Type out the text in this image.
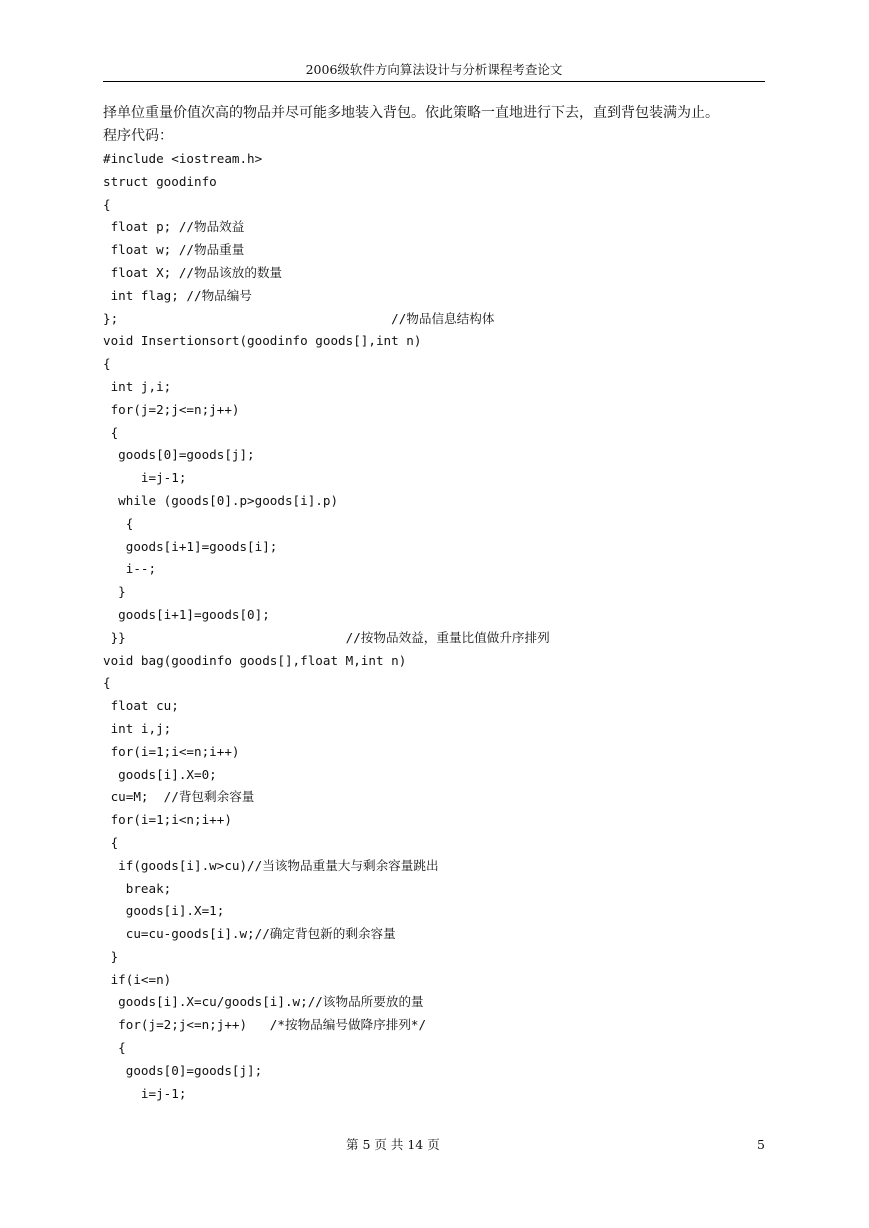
2006级软件方向算法设计与分析课程考查论文
择单位重量价值次高的物品并尽可能多地装入背包。依此策略一直地进行下去，直到背包装满为止。
程序代码：
#include <iostream.h>
struct goodinfo
{
float p; //物品效益
float w; //物品重量
float X; //物品该放的数量
int flag; //物品编号
};                                    //物品信息结构体
void Insertionsort(goodinfo goods[],int n)
{
int j,i;
for(j=2;j<=n;j++)
{
goods[0]=goods[j];
i=j-1;
while (goods[0].p>goods[i].p)
{
goods[i+1]=goods[i];
i--;
}
goods[i+1]=goods[0];
}}                             //按物品效益，重量比值做升序排列
void bag(goodinfo goods[],float M,int n)
{
float cu;
int i,j;
for(i=1;i<=n;i++)
goods[i].X=0;
cu=M;  //背包剩余容量
for(i=1;i<n;i++)
{
if(goods[i].w>cu)//当该物品重量大与剩余容量跳出
break;
goods[i].X=1;
cu=cu-goods[i].w;//确定背包新的剩余容量
}
if(i<=n)
goods[i].X=cu/goods[i].w;//该物品所要放的量
for(j=2;j<=n;j++)   /*按物品编号做降序排列*/
{
goods[0]=goods[j];
i=j-1;
第 5 页 共 14 页	5
